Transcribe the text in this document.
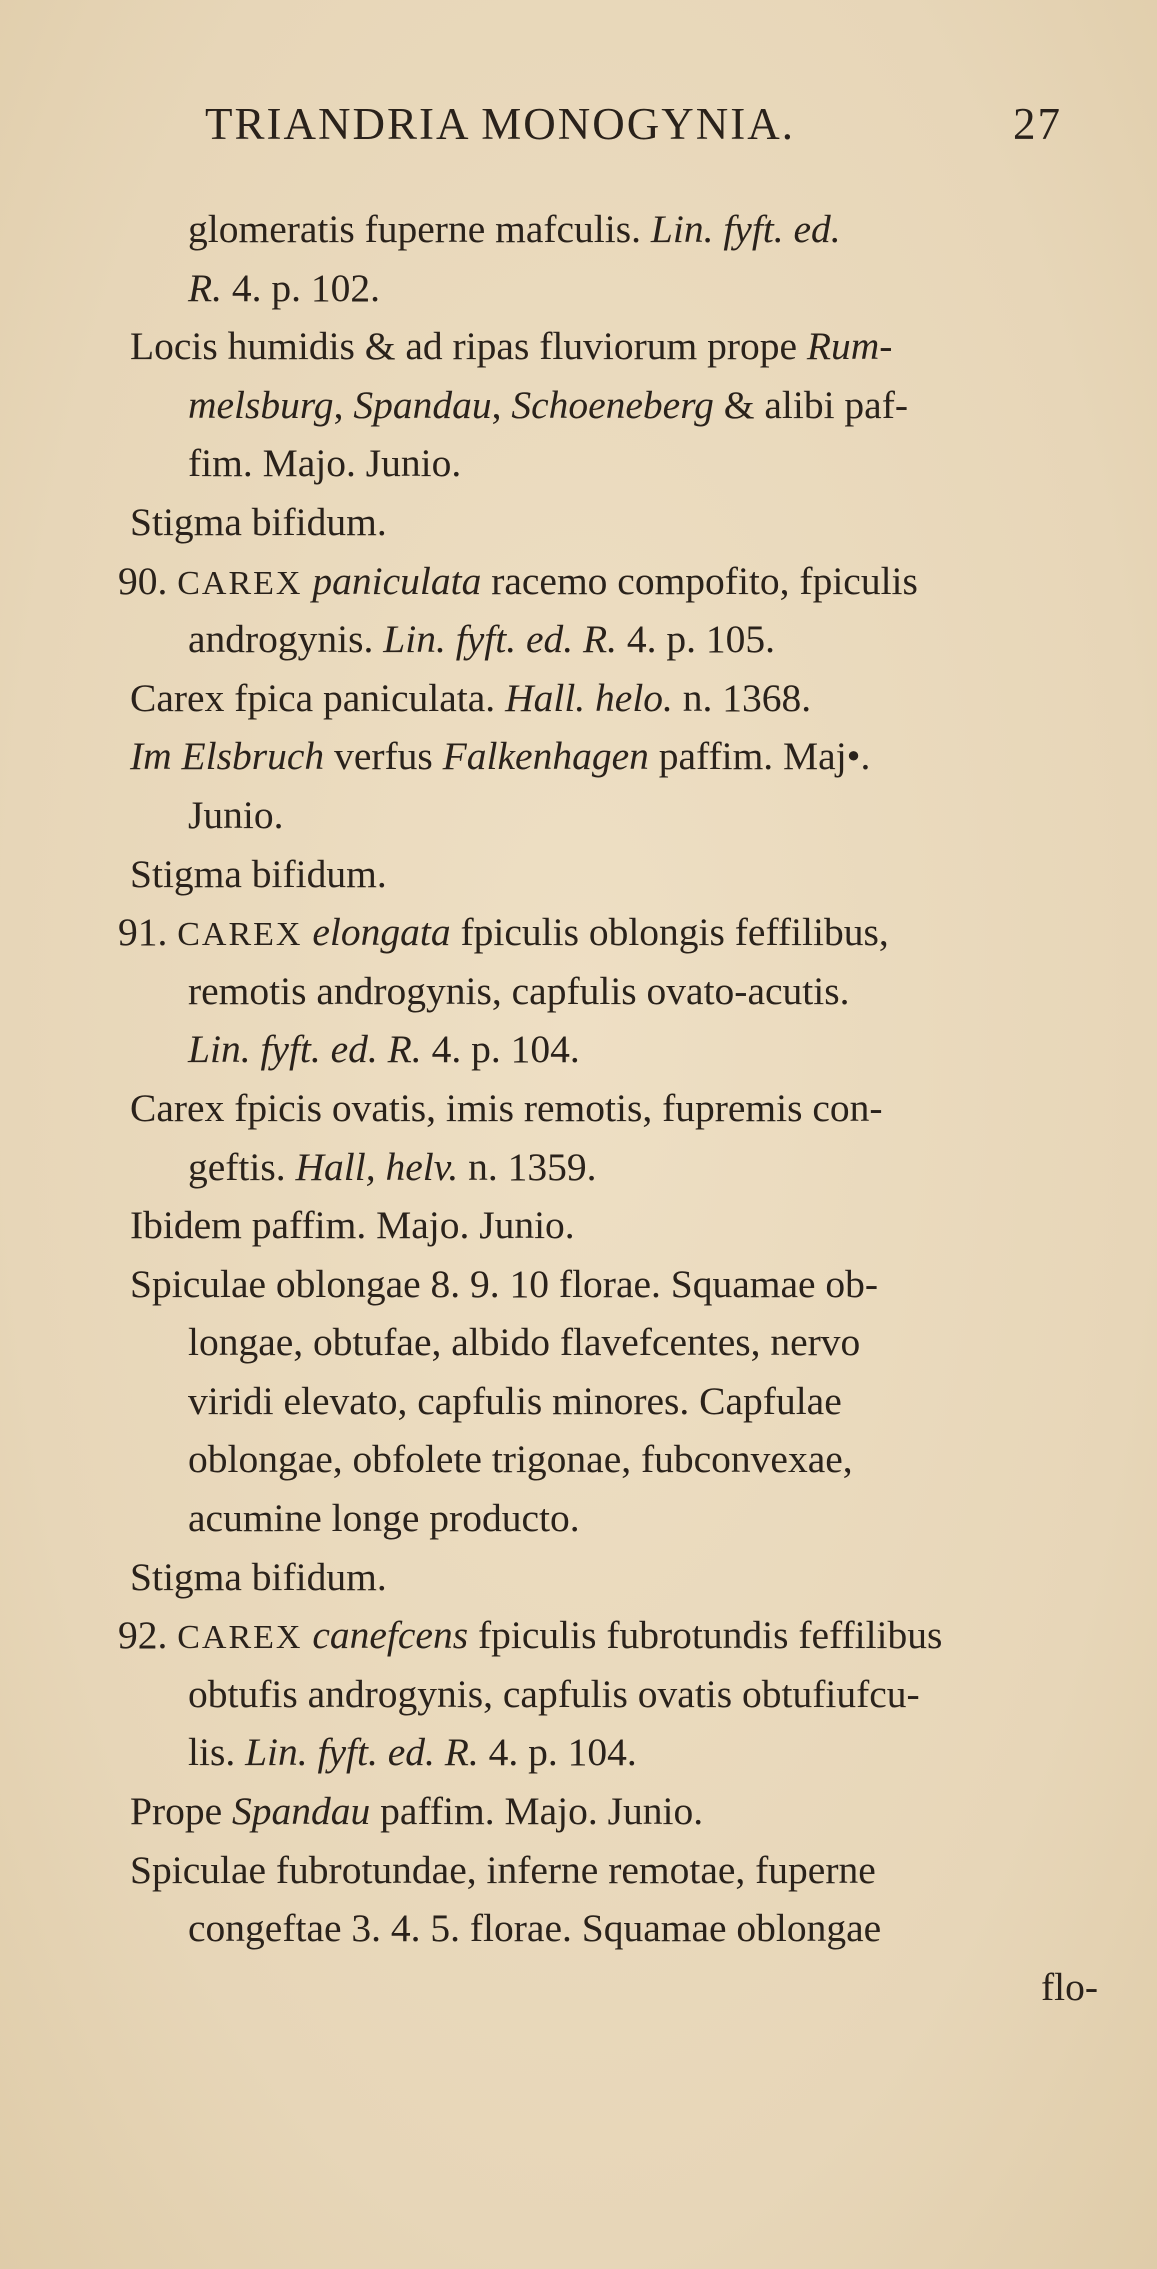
TRIANDRIA MONOGYNIA.	27
glomeratis fuperne mafculis. Lin. fyft. ed.
R. 4. p. 102.
Locis humidis & ad ripas fluviorum prope Rum-
melsburg, Spandau, Schoeneberg & alibi paf-
fim. Majo. Junio.
Stigma bifidum.
90. CAREX paniculata racemo compofito, fpiculis
androgynis. Lin. fyft. ed. R. 4. p. 105.
Carex fpica paniculata. Hall. helo. n. 1368.
Im Elsbruch verfus Falkenhagen paffim. Maj•.
Junio.
Stigma bifidum.
91. CAREX elongata fpiculis oblongis feffilibus,
remotis androgynis, capfulis ovato-acutis.
Lin. fyft. ed. R. 4. p. 104.
Carex fpicis ovatis, imis remotis, fupremis con-
geftis. Hall, helv. n. 1359.
Ibidem paffim. Majo. Junio.
Spiculae oblongae 8. 9. 10 florae. Squamae ob-
longae, obtufae, albido flavefcentes, nervo
viridi elevato, capfulis minores. Capfulae
oblongae, obfolete trigonae, fubconvexae,
acumine longe producto.
Stigma bifidum.
92. CAREX canefcens fpiculis fubrotundis feffilibus
obtufis androgynis, capfulis ovatis obtufiufcu-
lis. Lin. fyft. ed. R. 4. p. 104.
Prope Spandau paffim. Majo. Junio.
Spiculae fubrotundae, inferne remotae, fuperne
congeftae 3. 4. 5. florae. Squamae oblongae
flo-
